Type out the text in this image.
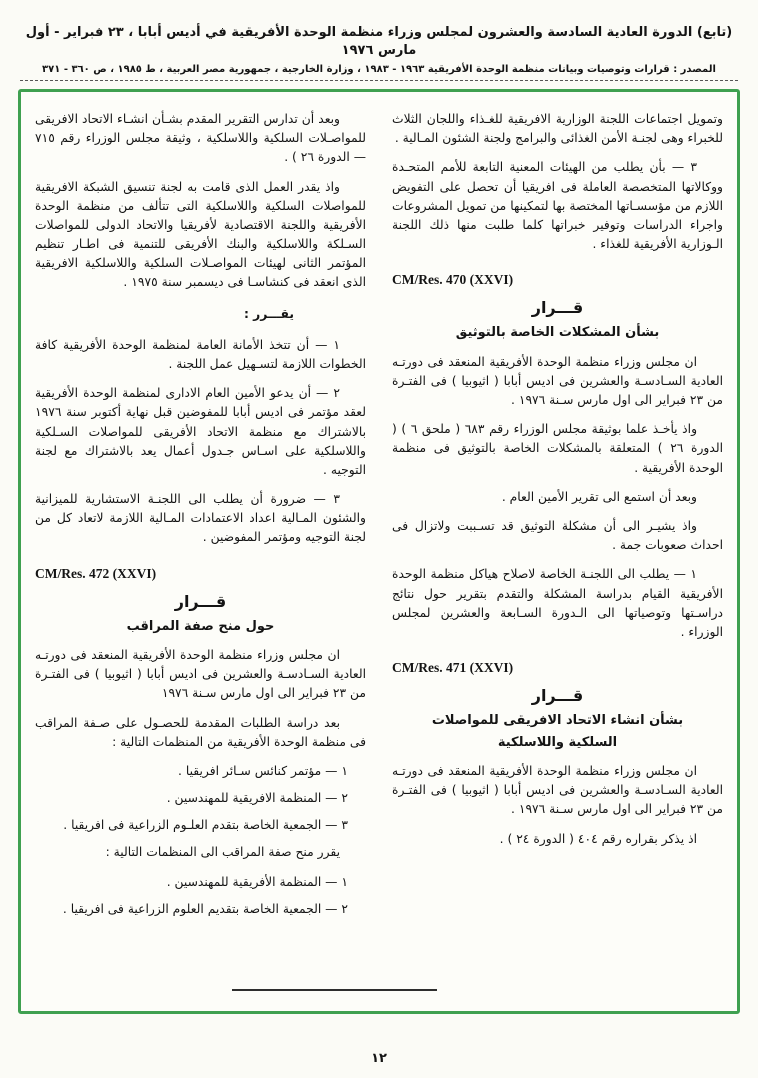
(تابع) الدورة العادية السادسة والعشرون لمجلس وزراء منظمة الوحدة الأفريقية في أديس أبابا ، ٢٣ فبراير - أول مارس ١٩٧٦
المصدر : قرارات وتوصيات وبيانات منظمة الوحدة الأفريقية ١٩٦٣ - ١٩٨٣ ، وزارة الخارجية ، جمهورية مصر العربية ، ط ١٩٨٥ ، ص ٣٦٠ - ٣٧١

وتمويل اجتماعات اللجنة الوزارية الافريقية للغـذاء واللجان الثلاث للخبراء وهى لجنـة الأمن الغذائى والبرامج ولجنة الشئون المـالية .

٣ — بأن يطلب من الهيئات المعنية التابعة للأمم المتحـدة ووكالاتها المتخصصة العاملة فى افريقيا أن تحصل على التفويض اللازم من مؤسسـاتها المختصة بها لتمكينها من تمويل المشروعات واجراء الدراسات وتوفير خبراتها كلما طلبت منها ذلك اللجنة الـوزارية الأفريقية للغذاء .

CM/Res. 470 (XXVI)
قـــرار
بشأن المشكلات الخاصة بالتوثيق

ان مجلس وزراء منظمة الوحدة الأفريقية المنعقد فى دورتـه العادية السـادسـة والعشرين فى اديس أبابا ( اثيوبيا ) فى الفتـرة من ٢٣ فبراير الى اول مارس سـنة ١٩٧٦ .

واذ يأخـذ علما بوثيقة مجلس الوزراء رقم ٦٨٣ ( ملحق ٦ ) ( الدورة ٢٦ ) المتعلقة بالمشكلات الخاصة بالتوثيق فى منظمة الوحدة الأفريقية .

وبعد أن استمع الى تقرير الأمين العام .

واذ يشيـر الى أن مشكلة التوثيق قد تسـببت ولاتزال فى احداث صعوبات جمة .

١ — يطلب الى اللجنـة الخاصة لاصلاح هياكل منظمة الوحدة الأفريقية القيام بدراسة المشكلة والتقدم بتقرير حول نتائج دراسـتها وتوصياتها الى الـدورة السـابعة والعشرين لمجلس الوزراء .

CM/Res. 471 (XXVI)
قـــرار
بشأن انشاء الاتحاد الافريقى للمواصلات
السلكية واللاسلكية

ان مجلس وزراء منظمة الوحدة الأفريقية المنعقد فى دورتـه العادية السـادسـة والعشرين فى اديس أبابا ( اثيوبيا ) فى الفتـرة من ٢٣ فبراير الى اول مارس سـنة ١٩٧٦ .

اذ يذكر بقراره رقم ٤٠٤ ( الدورة ٢٤ ) .

وبعد أن تدارس التقرير المقدم بشـأن انشـاء الاتحاد الافريقى للمواصـلات السلكية واللاسلكية ، وثيقة مجلس الوزراء رقم ٧١٥ — الدورة ٢٦ ) .

واذ يقدر العمل الذى قامت به لجنة تنسيق الشبكة الافريقية للمواصلات السلكية واللاسلكية التى تتألف من منظمة الوحدة الأفريقية واللجنة الاقتصادية لأفريقيا والاتحاد الدولى للمواصلات السـلكة واللاسلكية والبنك الأفريقى للتنمية فى اطـار تنظيم المؤتمر الثانى لهيئات المواصـلات السلكية واللاسلكية الافريقية الذى انعقد فى كنشاسـا فى ديسمبر سنة ١٩٧٥ .

يقـــرر :

١ — أن تتخذ الأمانة العامة لمنظمة الوحدة الأفريقية كافة الخطوات اللازمة لتسـهيل عمل اللجنة .

٢ — أن يدعو الأمين العام الادارى لمنظمة الوحدة الأفريقية لعقد مؤتمر فى اديس أبابا للمفوضين قبل نهاية أكتوبر سنة ١٩٧٦ بالاشتراك مع منظمة الاتحاد الأفريقى للمواصلات السـلكية واللاسلكية على اسـاس جـدول أعمال يعد بالاشتراك مع لجنة التوجيه .

٣ — ضرورة أن يطلب الى اللجنـة الاستشارية للميزانية والشئون المـالية اعداد الاعتمادات المـالية اللازمة لاتعاد كل من لجنة التوجيه ومؤتمر المفوضين .

CM/Res. 472 (XXVI)
قـــرار
حول منح صفة المراقب

ان مجلس وزراء منظمة الوحدة الأفريقية المنعقد فى دورتـه العادية السـادسـة والعشرين فى اديس أبابا ( اثيوبيا ) فى الفتـرة من ٢٣ فبراير الى اول مارس سـنة ١٩٧٦

بعد دراسة الطلبات المقدمة للحصـول على صـفة المراقب فى منظمة الوحدة الأفريقية من المنظمات التالية :

١ — مؤتمر كنائس سـائر افريقيا .

٢ — المنظمة الافريقية للمهندسين .

٣ — الجمعية الخاصة بتقدم العلـوم الزراعية فى افريقيا .

يقرر منح صفة المراقب الى المنظمات التالية :

١ — المنظمة الأفريقية للمهندسين .

٢ — الجمعية الخاصة بتقديم العلوم الزراعية فى افريقيا .

١٢
